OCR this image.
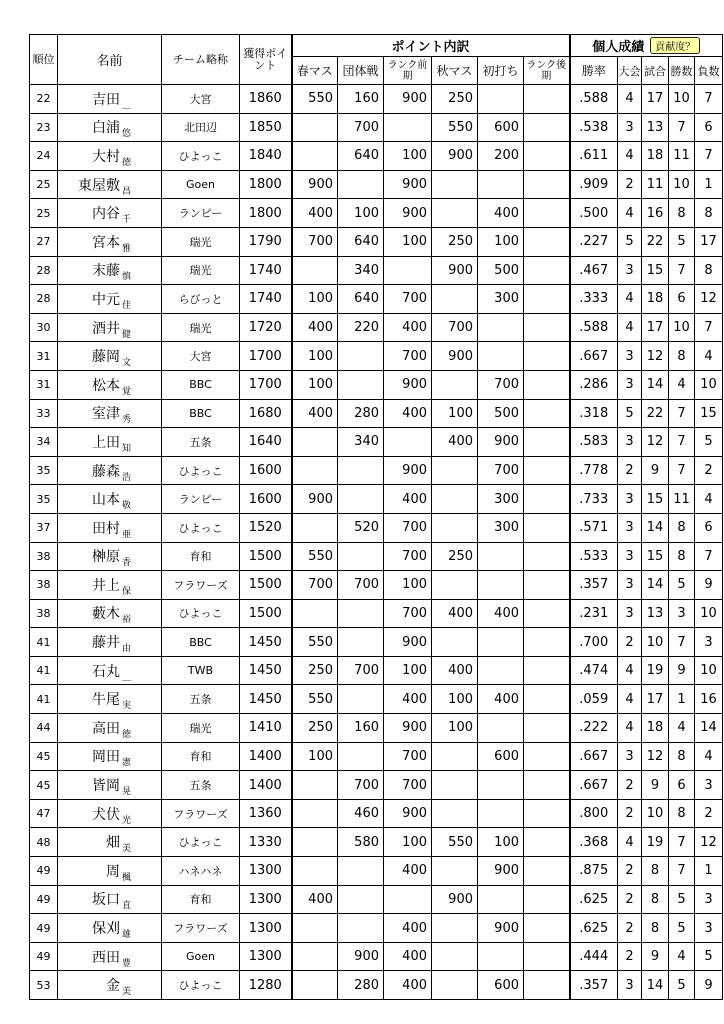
順位	名前	チーム略称	獲得ポイント	ポイント内訳						個人成績 貢献度？				
				春マス	団体戦	ランク前期	秋マス	初打ち	ランク後期	勝率	大会	試合	勝数	負数
22	吉田 $_{\_}$	大宮	1860	550	160	900	250			.588	4	17	10	7
23	白浦 $_悠$	北田辺	1850		700		550	600		.538	3	13	7	6
24	大村 $_徳$	ひよっこ	1840		640	100	900	200		.611	4	18	11	7
25	東屋敷 $_昌$	Goen	1800	900		900				.909	2	11	10	1
25	内谷 $_千$	ランピー	1800	400	100	900		400		.500	4	16	8	8
27	宮本 $_雅$	瑞光	1790	700	640	100	250	100		.227	5	22	5	17
28	末藤 $_慎$	瑞光	1740		340		900	500		.467	3	15	7	8
28	中元 $_佳$	らびっと	1740	100	640	700		300		.333	4	18	6	12
30	酒井 $_健$	瑞光	1720	400	220	400	700			.588	4	17	10	7
31	藤岡 $_文$	大宮	1700	100		700	900			.667	3	12	8	4
31	松本 $_覚$	BBC	1700	100		900		700		.286	3	14	4	10
33	室津 $_秀$	BBC	1680	400	280	400	100	500		.318	5	22	7	15
34	上田 $_知$	五条	1640		340		400	900		.583	3	12	7	5
35	藤森 $_浩$	ひよっこ	1600			900		700		.778	2	9	7	2
35	山本 $_敬$	ランピー	1600	900		400		300		.733	3	15	11	4
37	田村 $_亜$	ひよっこ	1520		520	700		300		.571	3	14	8	6
38	榊原 $_香$	育和	1500	550		700	250			.533	3	15	8	7
38	井上 $_保$	フラワーズ	1500	700	700	100				.357	3	14	5	9
38	藪木 $_裕$	ひよっこ	1500			700	400	400		.231	3	13	3	10
41	藤井 $_由$	BBC	1450	550		900				.700	2	10	7	3
41	石丸 $_{\_}$	TWB	1450	250	700	100	400			.474	4	19	9	10
41	牛尾 $_実$	五条	1450	550		400	100	400		.059	4	17	1	16
44	高田 $_徳$	瑞光	1410	250	160	900	100			.222	4	18	4	14
45	岡田 $_憲$	育和	1400	100		700		600		.667	3	12	8	4
45	皆岡 $_晃$	五条	1400		700	700				.667	2	9	6	3
47	犬伏 $_光$	フラワーズ	1360		460	900				.800	2	10	8	2
48	畑 $_美$	ひよっこ	1330		580	100	550	100		.368	4	19	7	12
49	周 $_楓$	ハネハネ	1300			400		900		.875	2	8	7	1
49	坂口 $_直$	育和	1300	400			900			.625	2	8	5	3
49	保刈 $_雄$	フラワーズ	1300			400		900		.625	2	8	5	3
49	西田 $_豊$	Goen	1300		900	400				.444	2	9	4	5
53	金 $_美$	ひよっこ	1280		280	400		600		.357	3	14	5	9
